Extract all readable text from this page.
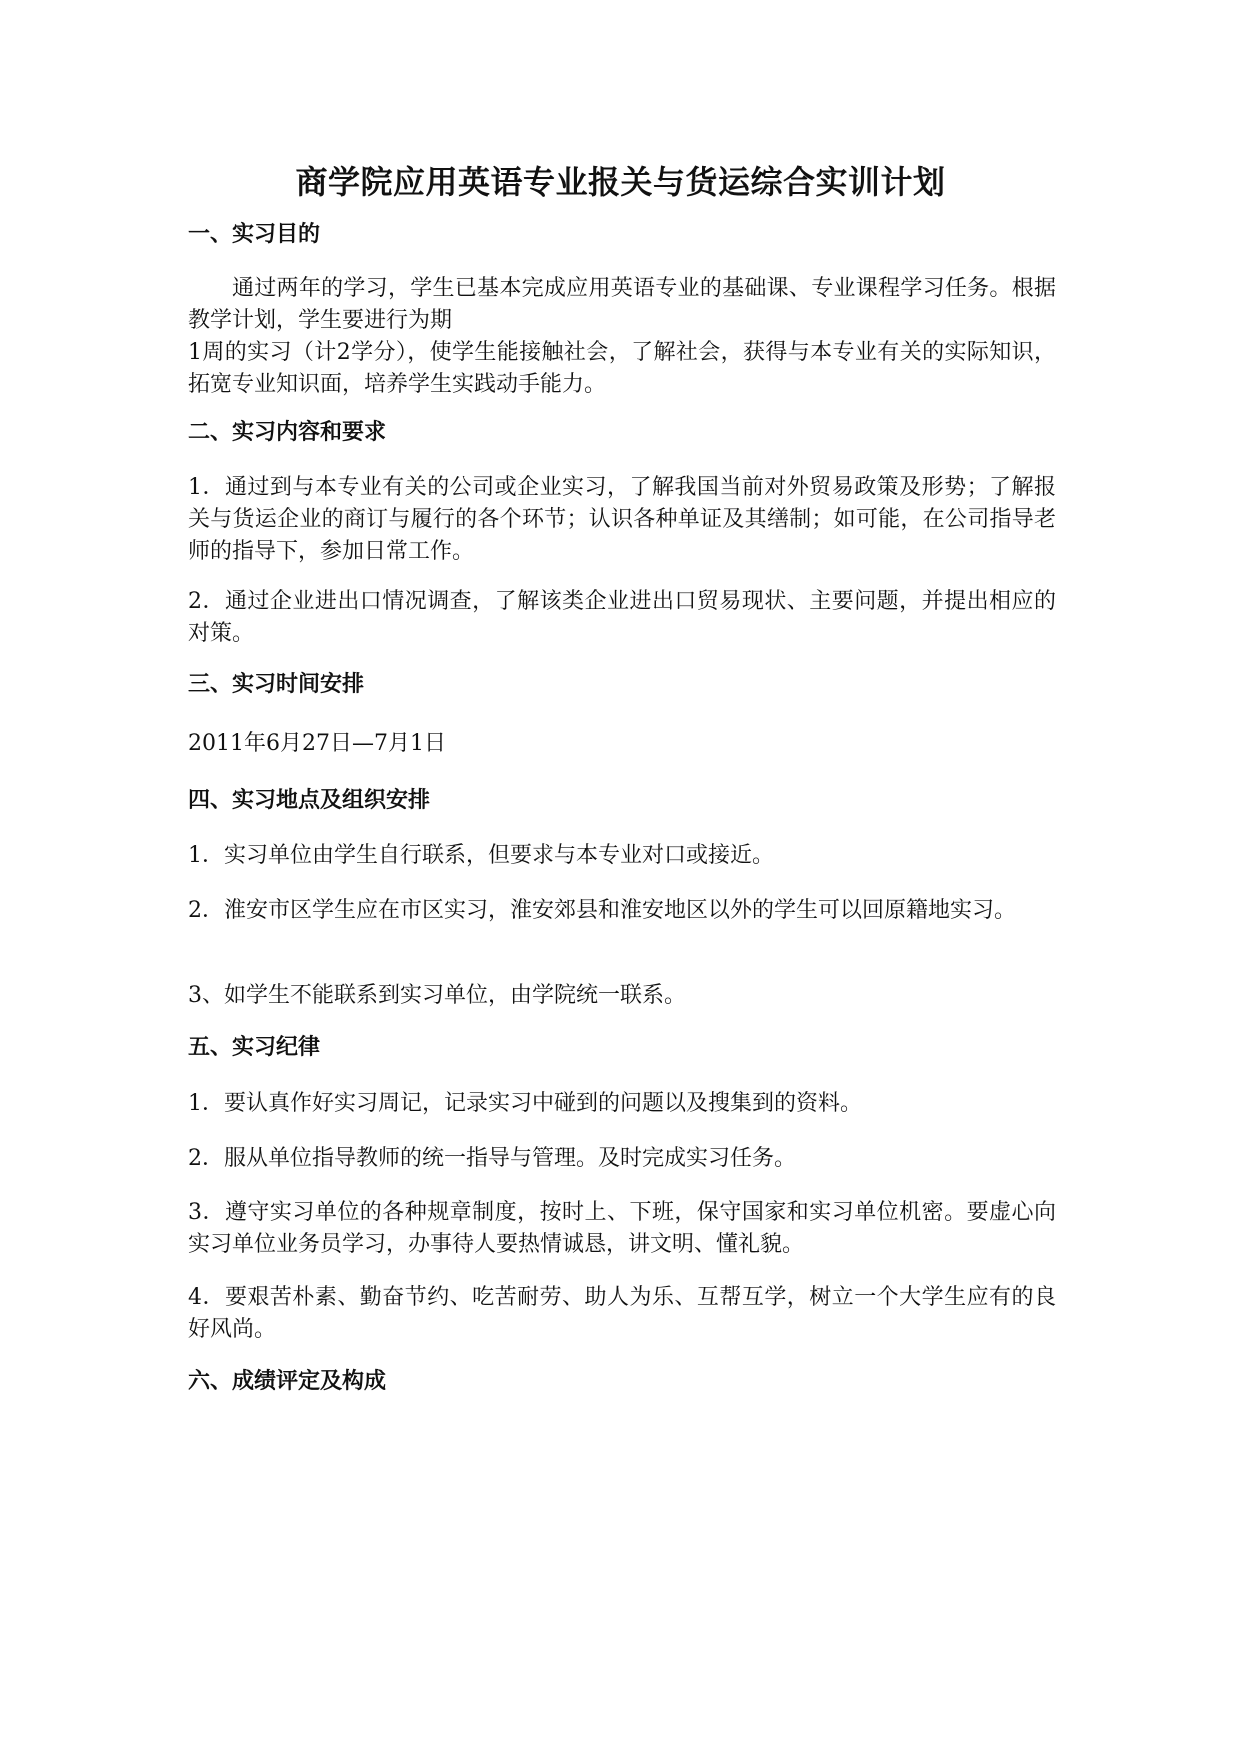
商学院应用英语专业报关与货运综合实训计划
一、实习目的
通过两年的学习，学生已基本完成应用英语专业的基础课、专业课程学习任务。根据教学计划，学生要进行为期
1周的实习（计2学分），使学生能接触社会，了解社会，获得与本专业有关的实际知识，拓宽专业知识面，培养学生实践动手能力。
二、实习内容和要求
1．通过到与本专业有关的公司或企业实习，了解我国当前对外贸易政策及形势；了解报关与货运企业的商订与履行的各个环节；认识各种单证及其缮制；如可能，在公司指导老师的指导下，参加日常工作。
2．通过企业进出口情况调查，了解该类企业进出口贸易现状、主要问题，并提出相应的对策。
三、实习时间安排
2011年6月27日—7月1日
四、实习地点及组织安排
1．实习单位由学生自行联系，但要求与本专业对口或接近。
2．淮安市区学生应在市区实习，淮安郊县和淮安地区以外的学生可以回原籍地实习。
3、如学生不能联系到实习单位，由学院统一联系。
五、实习纪律
1．要认真作好实习周记，记录实习中碰到的问题以及搜集到的资料。
2．服从单位指导教师的统一指导与管理。及时完成实习任务。
3．遵守实习单位的各种规章制度，按时上、下班，保守国家和实习单位机密。要虚心向实习单位业务员学习，办事待人要热情诚恳，讲文明、懂礼貌。
4．要艰苦朴素、勤奋节约、吃苦耐劳、助人为乐、互帮互学，树立一个大学生应有的良好风尚。
六、成绩评定及构成
